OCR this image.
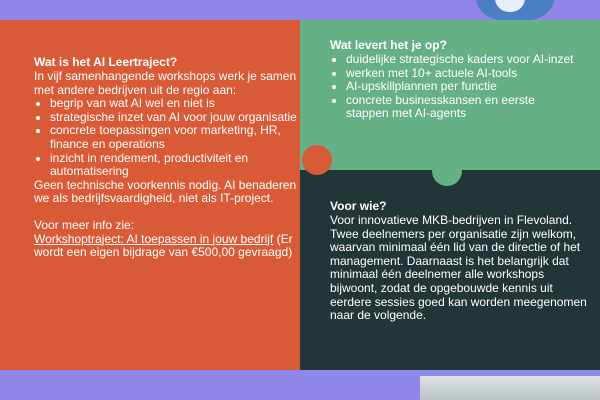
Wat is het AI Leertraject?

In vijf samenhangende workshops werk je samen met andere bedrijven uit de regio aan:

• begrip van wat AI wel en niet is
• strategische inzet van AI voor jouw organisatie
• concrete toepassingen voor marketing, HR, finance en operations
• inzicht in rendement, productiviteit en automatisering

Geen technische voorkennis nodig. AI benaderen we als bedrijfsvaardigheid, niet als IT-project.

Voor meer info zie:

Workshoptraject: AI toepassen in jouw bedrijf (Er wordt een eigen bijdrage van €500,00 gevraagd)

Wat levert het je op?
• duidelijke strategische kaders voor AI-inzet
• werken met 10+ actuele AI-tools
• AI-upskillplannen per functie
• concrete businesskansen en eerste stappen met AI-agents
Voor wie?

Voor innovatieve MKB-bedrijven in Flevoland. Twee deelnemers per organisatie zijn welkom, waarvan minimaal één lid van de directie of het management. Daarnaast is het belangrijk dat minimaal één deelnemer alle workshops bijwoont, zodat de opgebouwde kennis uit eerdere sessies goed kan worden meegenomen naar de volgende.
